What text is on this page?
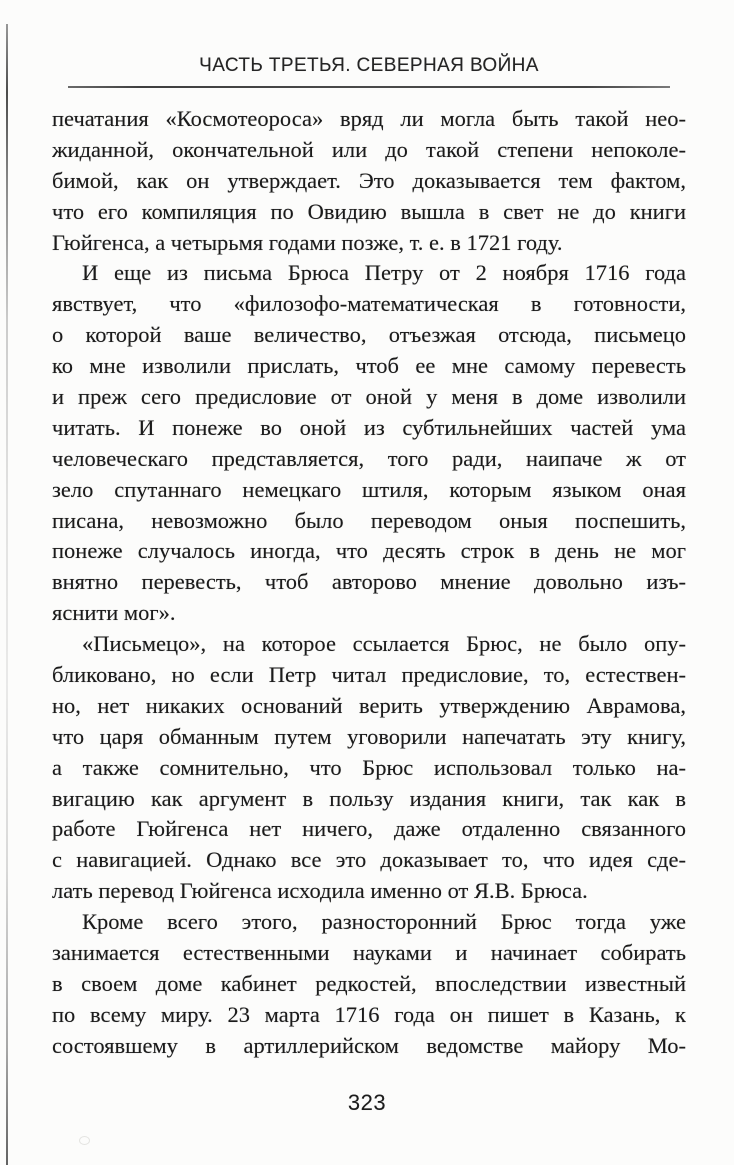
ЧАСТЬ ТРЕТЬЯ. СЕВЕРНАЯ ВОЙНА
печатания «Космотеороса» вряд ли могла быть такой нео-
жиданной, окончательной или до такой степени непоколе-
бимой, как он утверждает. Это доказывается тем фактом,
что его компиляция по Овидию вышла в свет не до книги
Гюйгенса, а четырьмя годами позже, т. е. в 1721 году.
И еще из письма Брюса Петру от 2 ноября 1716 года
явствует, что «филозофо-математическая в готовности,
о которой ваше величество, отъезжая отсюда, письмецо
ко мне изволили прислать, чтоб ее мне самому перевесть
и преж сего предисловие от оной у меня в доме изволили
читать. И понеже во оной из субтильнейших частей ума
человеческаго представляется, того ради, наипаче ж от
зело спутаннаго немецкаго штиля, которым языком оная
писана, невозможно было переводом оныя поспешить,
понеже случалось иногда, что десять строк в день не мог
внятно перевесть, чтоб авторово мнение довольно изъ-
яснити мог».
«Письмецо», на которое ссылается Брюс, не было опу-
бликовано, но если Петр читал предисловие, то, естествен-
но, нет никаких оснований верить утверждению Аврамова,
что царя обманным путем уговорили напечатать эту книгу,
а также сомнительно, что Брюс использовал только на-
вигацию как аргумент в пользу издания книги, так как в
работе Гюйгенса нет ничего, даже отдаленно связанного
с навигацией. Однако все это доказывает то, что идея сде-
лать перевод Гюйгенса исходила именно от Я.В. Брюса.
Кроме всего этого, разносторонний Брюс тогда уже
занимается естественными науками и начинает собирать
в своем доме кабинет редкостей, впоследствии известный
по всему миру. 23 марта 1716 года он пишет в Казань, к
состоявшему в артиллерийском ведомстве майору Мо-
323
